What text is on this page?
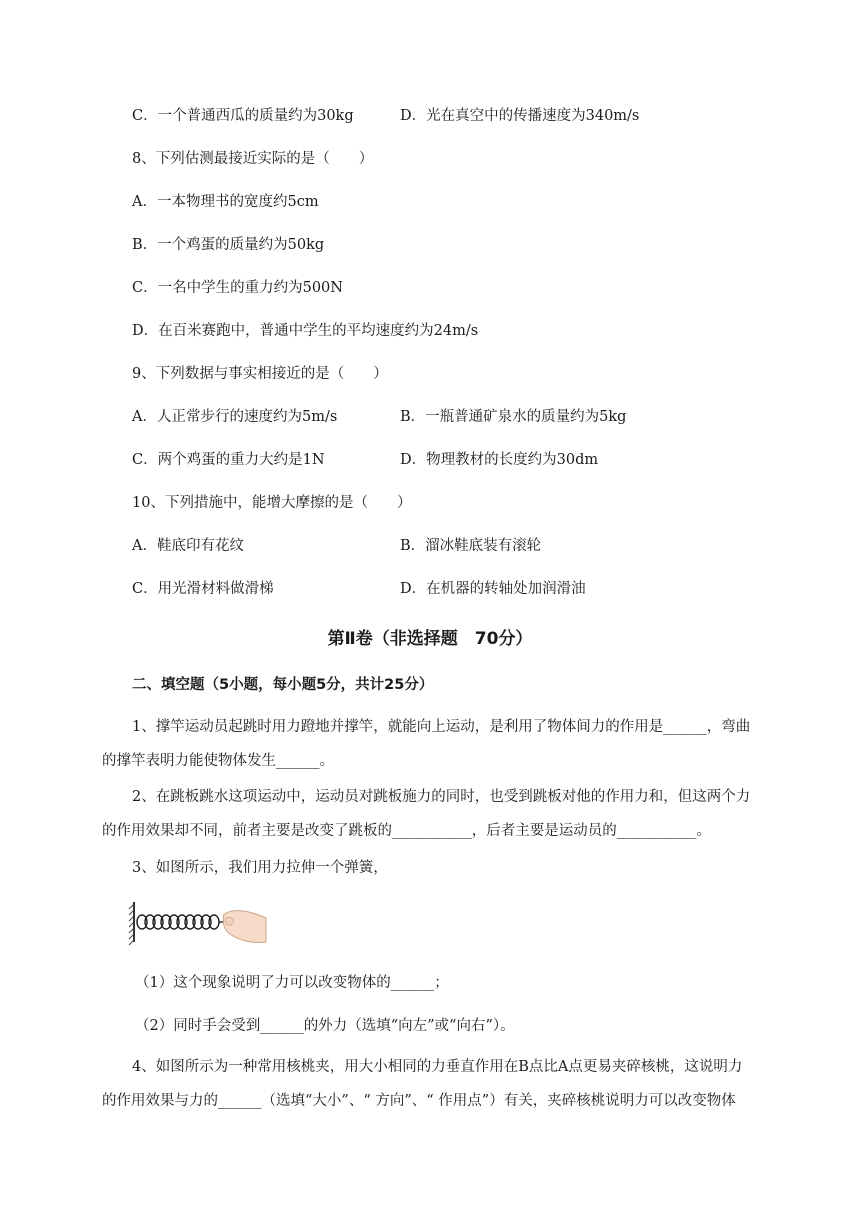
C．一个普通西瓜的质量约为30kg	D．光在真空中的传播速度为340m/s
8、下列估测最接近实际的是（　　）
A．一本物理书的宽度约5cm
B．一个鸡蛋的质量约为50kg
C．一名中学生的重力约为500N
D．在百米赛跑中，普通中学生的平均速度约为24m/s
9、下列数据与事实相接近的是（　　）
A．人正常步行的速度约为5m/s	B．一瓶普通矿泉水的质量约为5kg
C．两个鸡蛋的重力大约是1N	D．物理教材的长度约为30dm
10、下列措施中，能增大摩擦的是（　　）
A．鞋底印有花纹	B．溜冰鞋底装有滚轮
C．用光滑材料做滑梯	D．在机器的转轴处加润滑油
第Ⅱ卷（非选择题　70分）
二、填空题（5小题，每小题5分，共计25分）
1、撑竿运动员起跳时用力蹬地并撑竿，就能向上运动，是利用了物体间力的作用是______，弯曲
的撑竿表明力能使物体发生______。
2、在跳板跳水这项运动中，运动员对跳板施力的同时，也受到跳板对他的作用力和，但这两个力
的作用效果却不同，前者主要是改变了跳板的___________，后者主要是运动员的___________。
3、如图所示，我们用力拉伸一个弹簧，
（1）这个现象说明了力可以改变物体的______；
（2）同时手会受到______的外力（选填“向左”或“向右”）。
4、如图所示为一种常用核桃夹，用大小相同的力垂直作用在B点比A点更易夹碎核桃，这说明力
的作用效果与力的______（选填“大小”、“ 方向”、“ 作用点”）有关，夹碎核桃说明力可以改变物体
